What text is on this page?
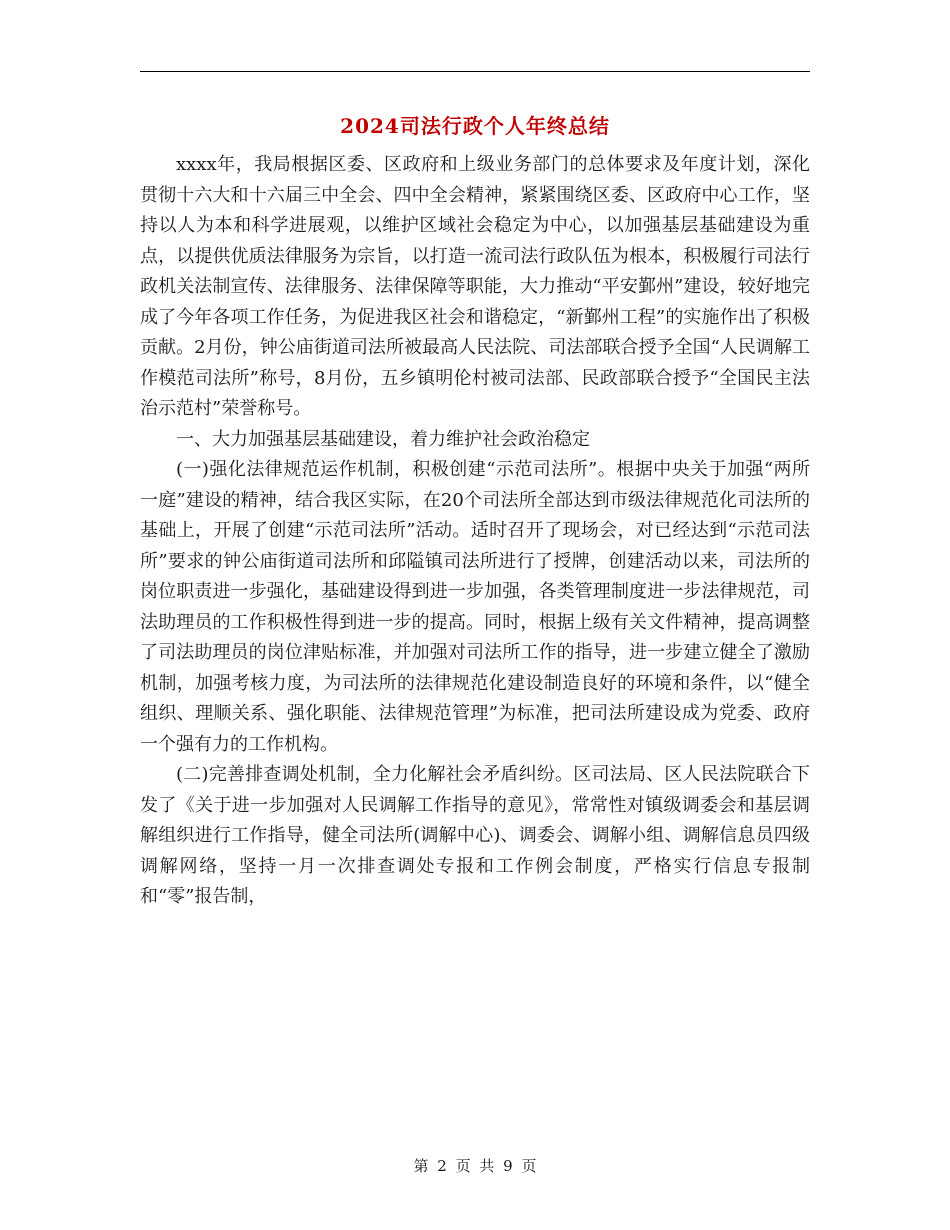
2024司法行政个人年终总结

xxxx年，我局根据区委、区政府和上级业务部门的总体要求及年度计划，深化贯彻十六大和十六届三中全会、四中全会精神，紧紧围绕区委、区政府中心工作，坚持以人为本和科学进展观，以维护区域社会稳定为中心，以加强基层基础建设为重点，以提供优质法律服务为宗旨，以打造一流司法行政队伍为根本，积极履行司法行政机关法制宣传、法律服务、法律保障等职能，大力推动“平安鄞州”建设，较好地完成了今年各项工作任务，为促进我区社会和谐稳定，“新鄞州工程”的实施作出了积极贡献。2月份，钟公庙街道司法所被最高人民法院、司法部联合授予全国“人民调解工作模范司法所”称号，8月份，五乡镇明伦村被司法部、民政部联合授予“全国民主法治示范村”荣誉称号。

一、大力加强基层基础建设，着力维护社会政治稳定

(一)强化法律规范运作机制，积极创建“示范司法所”。根据中央关于加强“两所一庭”建设的精神，结合我区实际，在20个司法所全部达到市级法律规范化司法所的基础上，开展了创建“示范司法所”活动。适时召开了现场会，对已经达到“示范司法所”要求的钟公庙街道司法所和邱隘镇司法所进行了授牌，创建活动以来，司法所的岗位职责进一步强化，基础建设得到进一步加强，各类管理制度进一步法律规范，司法助理员的工作积极性得到进一步的提高。同时，根据上级有关文件精神，提高调整了司法助理员的岗位津贴标准，并加强对司法所工作的指导，进一步建立健全了激励机制，加强考核力度，为司法所的法律规范化建设制造良好的环境和条件，以“健全组织、理顺关系、强化职能、法律规范管理”为标准，把司法所建设成为党委、政府一个强有力的工作机构。

(二)完善排查调处机制，全力化解社会矛盾纠纷。区司法局、区人民法院联合下发了《关于进一步加强对人民调解工作指导的意见》，常常性对镇级调委会和基层调解组织进行工作指导，健全司法所(调解中心)、调委会、调解小组、调解信息员四级调解网络，坚持一月一次排查调处专报和工作例会制度，严格实行信息专报制和“零”报告制，

第 2 页 共 9 页
